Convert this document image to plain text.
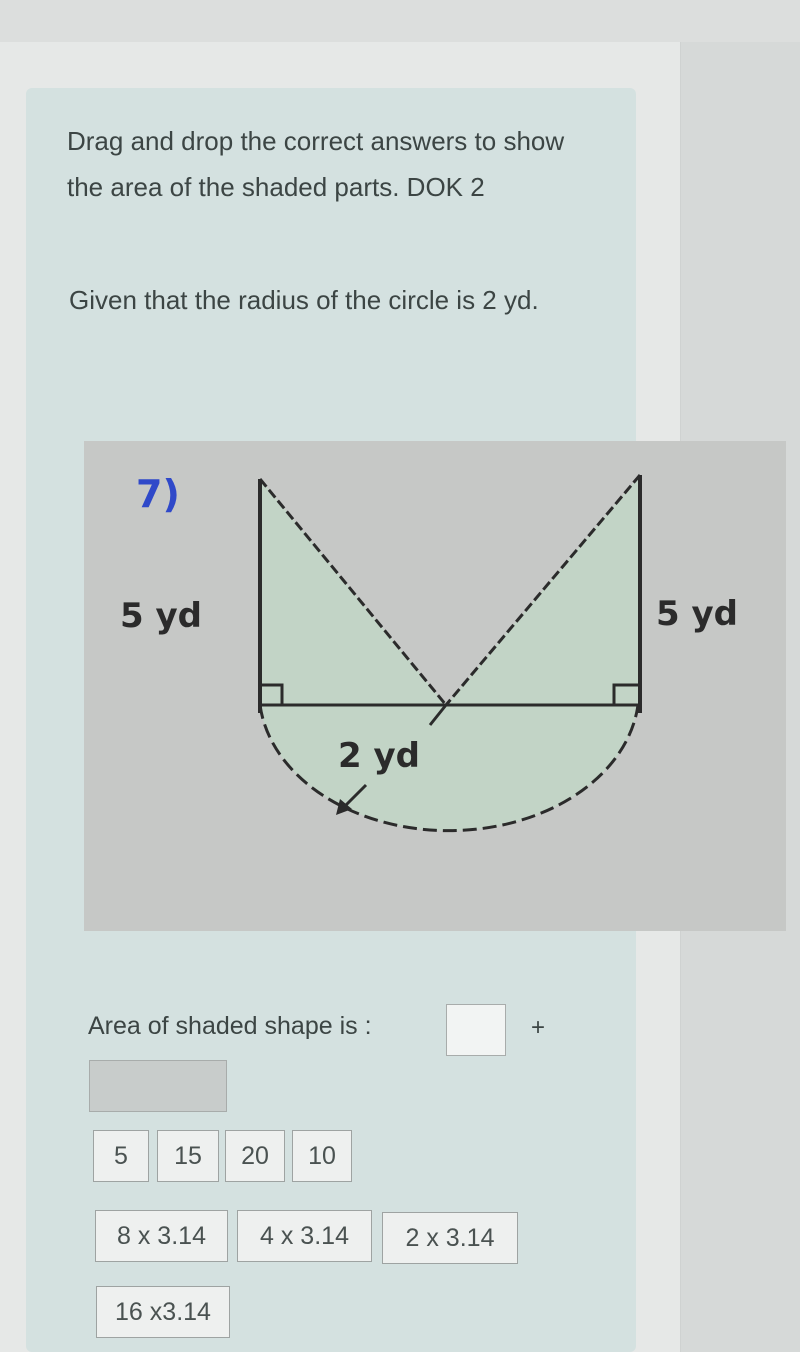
Drag and drop the correct answers to show the area of the shaded parts. DOK 2

Given that the radius of the circle is 2 yd.

7)
5 yd	5 yd
2 yd
Area of shaded shape is :	+
5	15	20	10
8 x 3.14	4 x 3.14	2 x 3.14
16 x3.14
